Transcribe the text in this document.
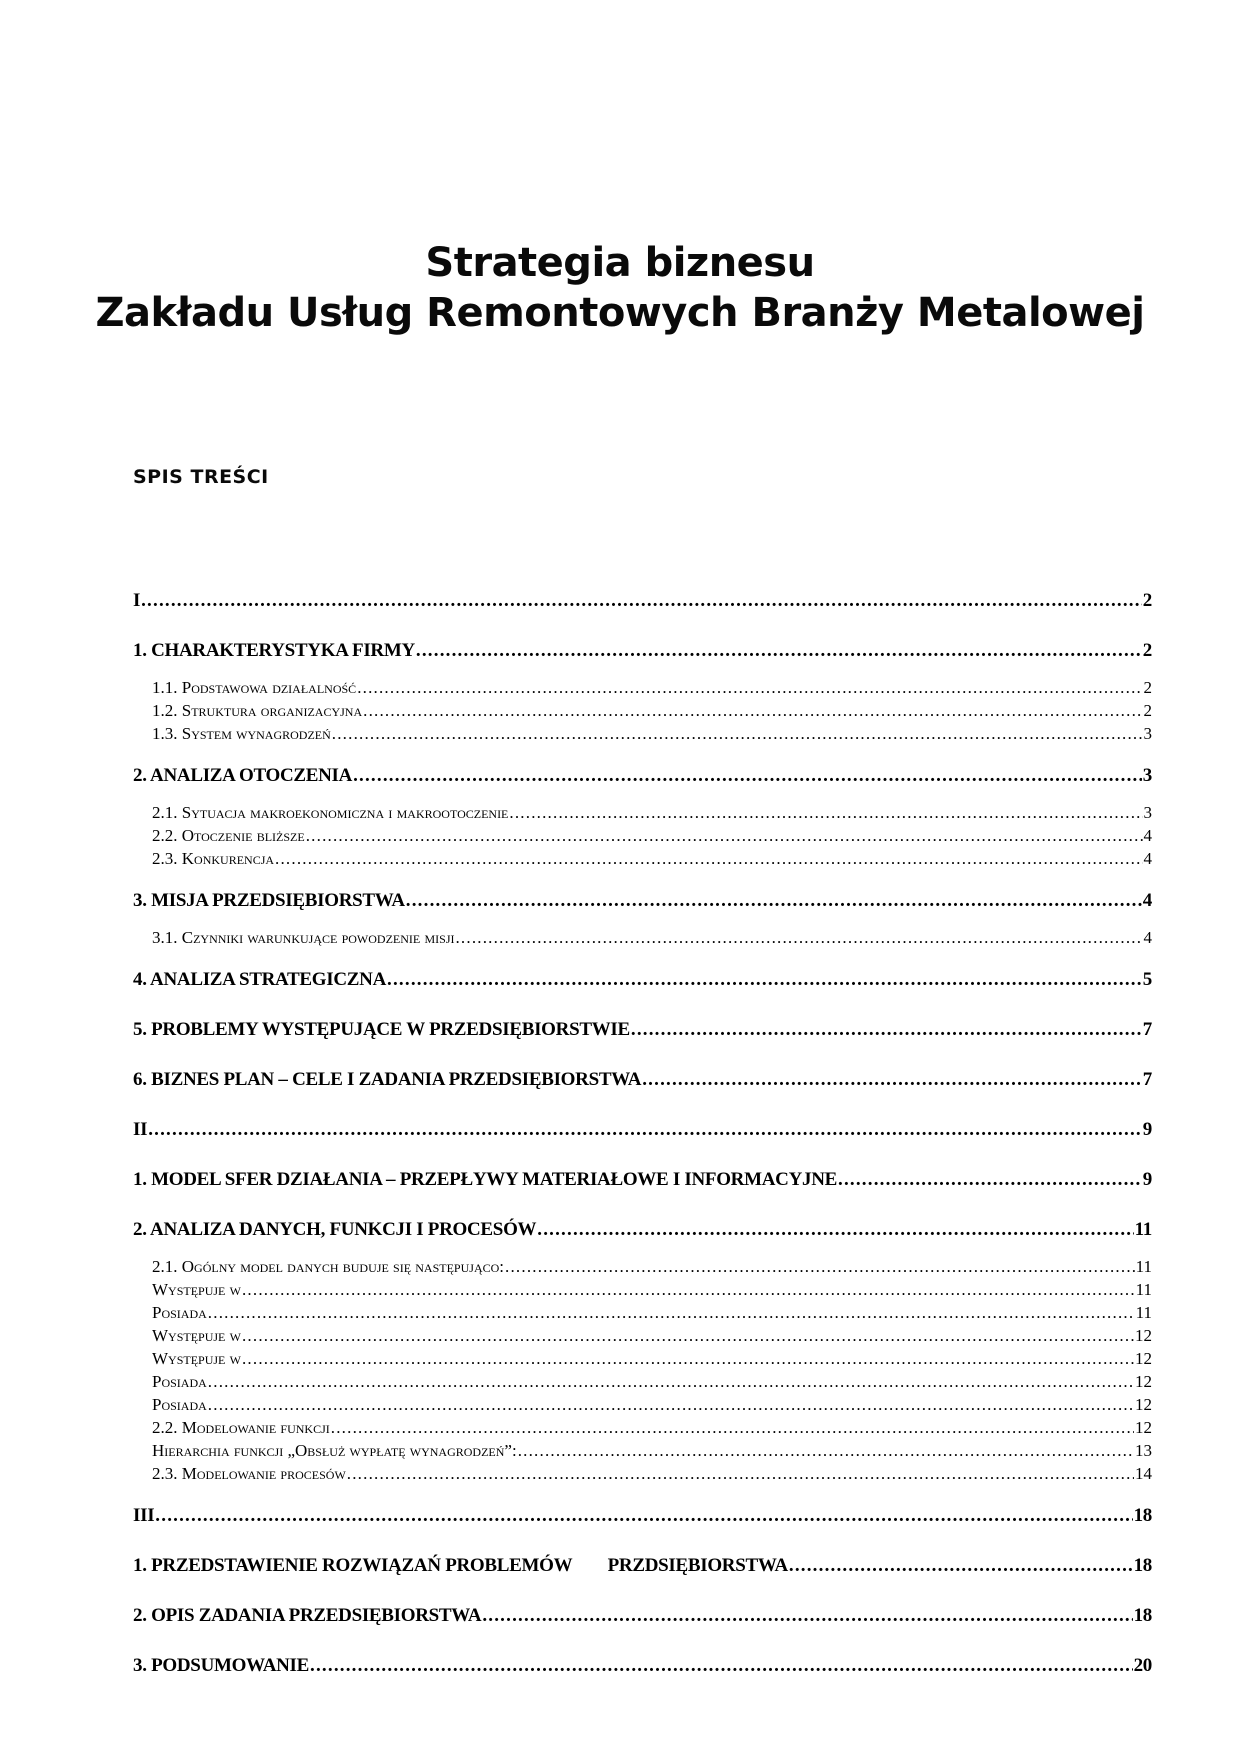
Strategia biznesu
Zakładu Usług Remontowych Branży Metalowej
SPIS TREŚCI
I .....	2
1. CHARAKTERYSTYKA FIRMY .....	2
1.1. Podstawowa działalność .....	2
1.2. Struktura organizacyjna .....	2
1.3. System wynagrodzeń .....	3
2. ANALIZA OTOCZENIA .....	3
2.1. Sytuacja makroekonomiczna i makrootoczenie .....	3
2.2. Otoczenie bliższe .....	4
2.3. Konkurencja .....	4
3. MISJA PRZEDSIĘBIORSTWA .....	4
3.1. Czynniki warunkujące powodzenie misji .....	4
4. ANALIZA STRATEGICZNA .....	5
5. PROBLEMY WYSTĘPUJĄCE W PRZEDSIĘBIORSTWIE .....	7
6. BIZNES PLAN – CELE I ZADANIA PRZEDSIĘBIORSTWA .....	7
II .....	9
1. MODEL SFER DZIAŁANIA – PRZEPŁYWY MATERIAŁOWE I INFORMACYJNE .....	9
2. ANALIZA DANYCH, FUNKCJI I PROCESÓW .....	11
2.1. Ogólny model danych buduje się następująco: .....	11
Występuje w .....	11
Posiada .....	11
Występuje w .....	12
Występuje w .....	12
Posiada .....	12
Posiada .....	12
2.2. Modelowanie funkcji .....	12
Hierarchia funkcji „Obsłuż wypłatę wynagrodzeń”: .....	13
2.3. Modelowanie procesów .....	14
III .....	18
1. PRZEDSTAWIENIE ROZWIĄZAŃ PROBLEMÓW        PRZDSIĘBIORSTWA .....	18
2. OPIS ZADANIA PRZEDSIĘBIORSTWA .....	18
3. PODSUMOWANIE .....	20
